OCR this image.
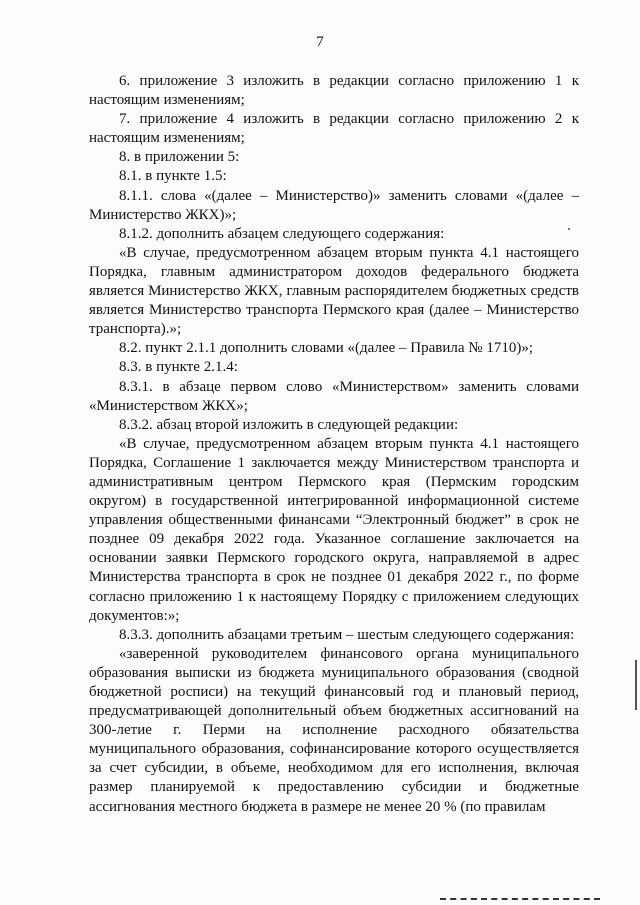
7

6. приложение 3 изложить в редакции согласно приложению 1 к настоящим изменениям;

7. приложение 4 изложить в редакции согласно приложению 2 к настоящим изменениям;

8. в приложении 5:

8.1. в пункте 1.5:

8.1.1. слова «(далее – Министерство)» заменить словами «(далее – Министерство ЖКХ)»;

8.1.2. дополнить абзацем следующего содержания:

«В случае, предусмотренном абзацем вторым пункта 4.1 настоящего Порядка, главным администратором доходов федерального бюджета является Министерство ЖКХ, главным распорядителем бюджетных средств является Министерство транспорта Пермского края (далее – Министерство транспорта).»;

8.2. пункт 2.1.1 дополнить словами «(далее – Правила № 1710)»;

8.3. в пункте 2.1.4:

8.3.1. в абзаце первом слово «Министерством» заменить словами «Министерством ЖКХ»;

8.3.2. абзац второй изложить в следующей редакции:

«В случае, предусмотренном абзацем вторым пункта 4.1 настоящего Порядка, Соглашение 1 заключается между Министерством транспорта и административным центром Пермского края (Пермским городским округом) в государственной интегрированной информационной системе управления общественными финансами “Электронный бюджет” в срок не позднее 09 декабря 2022 года. Указанное соглашение заключается на основании заявки Пермского городского округа, направляемой в адрес Министерства транспорта в срок не позднее 01 декабря 2022 г., по форме согласно приложению 1 к настоящему Порядку с приложением следующих документов:»;

8.3.3. дополнить абзацами третьим – шестым следующего содержания:

«заверенной руководителем финансового органа муниципального образования выписки из бюджета муниципального образования (сводной бюджетной росписи) на текущий финансовый год и плановый период, предусматривающей дополнительный объем бюджетных ассигнований на 300-летие г. Перми на исполнение расходного обязательства муниципального образования, софинансирование которого осуществляется за счет субсидии, в объеме, необходимом для его исполнения, включая размер планируемой к предоставлению субсидии и бюджетные ассигнования местного бюджета в размере не менее 20 % (по правилам
